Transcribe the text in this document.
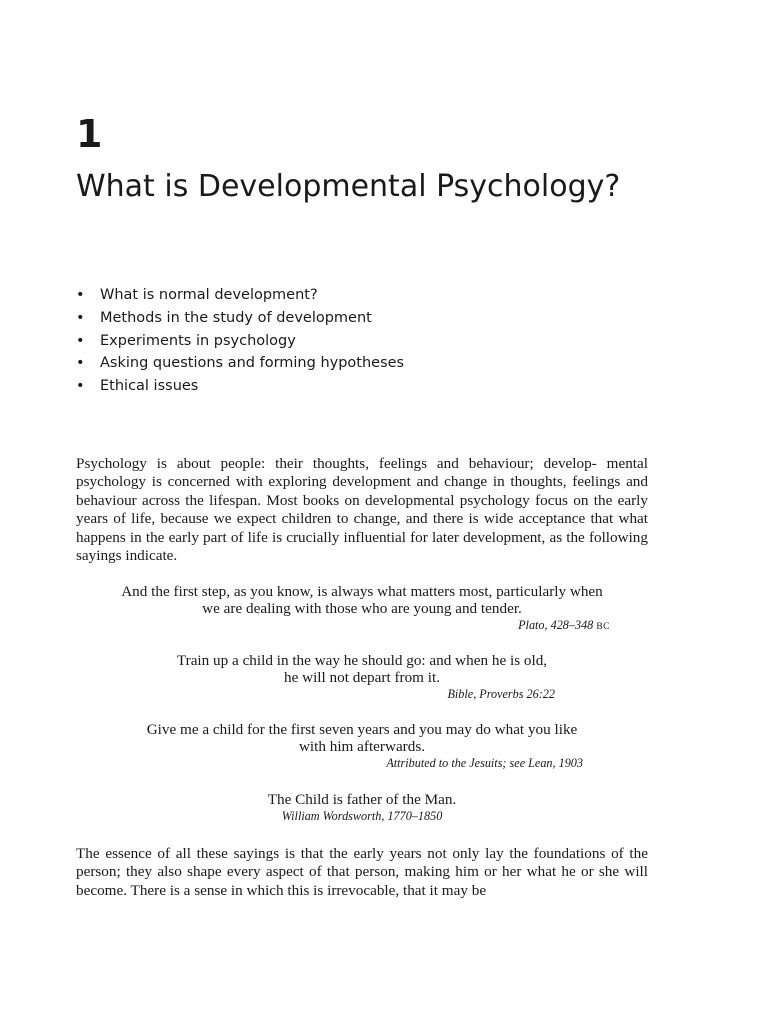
1
What is Developmental Psychology?
• What is normal development?
• Methods in the study of development
• Experiments in psychology
• Asking questions and forming hypotheses
• Ethical issues

Psychology is about people: their thoughts, feelings and behaviour; develop- mental psychology is concerned with exploring development and change in thoughts, feelings and behaviour across the lifespan. Most books on developmental psychology focus on the early years of life, because we expect children to change, and there is wide acceptance that what happens in the early part of life is crucially influential for later development, as the following sayings indicate.

And the first step, as you know, is always what matters most, particularly when
we are dealing with those who are young and tender.
Plato, 428–348 BC
Train up a child in the way he should go: and when he is old,
he will not depart from it.
Bible, Proverbs 26:22
Give me a child for the first seven years and you may do what you like
with him afterwards.
Attributed to the Jesuits; see Lean, 1903
The Child is father of the Man.
William Wordsworth, 1770–1850

The essence of all these sayings is that the early years not only lay the foundations of the person; they also shape every aspect of that person, making him or her what he or she will become. There is a sense in which this is irrevocable, that it may be
